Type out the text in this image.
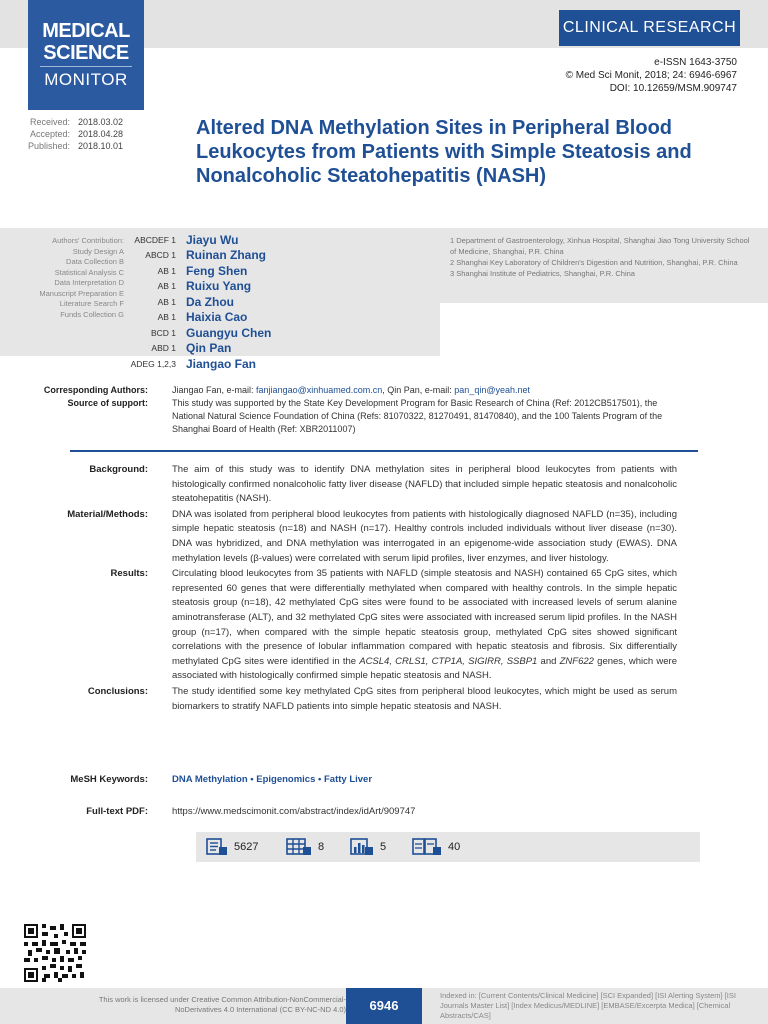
MEDICAL
SCIENCE
MONITOR
CLINICAL RESEARCH
e-ISSN 1643-3750
© Med Sci Monit, 2018; 24: 6946-6967
DOI: 10.12659/MSM.909747
Received: 2018.03.02
Accepted: 2018.04.28
Published: 2018.10.01
Altered DNA Methylation Sites in Peripheral Blood Leukocytes from Patients with Simple Steatosis and Nonalcoholic Steatohepatitis (NASH)
Authors' Contribution:
Study Design A
Data Collection B
Statistical Analysis C
Data Interpretation D
Manuscript Preparation E
Literature Search F
Funds Collection G
ABCDEF 1 Jiayu Wu
ABCD 1 Ruinan Zhang
AB 1 Feng Shen
AB 1 Ruixu Yang
AB 1 Da Zhou
AB 1 Haixia Cao
BCD 1 Guangyu Chen
ABD 1 Qin Pan
ADEG 1,2,3 Jiangao Fan
1 Department of Gastroenterology, Xinhua Hospital, Shanghai Jiao Tong University School of Medicine, Shanghai, P.R. China
2 Shanghai Key Laboratory of Children's Digestion and Nutrition, Shanghai, P.R. China
3 Shanghai Institute of Pediatrics, Shanghai, P.R. China
Corresponding Authors:	Jiangao Fan, e-mail: fanjiangao@xinhuamed.com.cn, Qin Pan, e-mail: pan_qin@yeah.net
Source of support:	This study was supported by the State Key Development Program for Basic Research of China (Ref: 2012CB517501), the National Natural Science Foundation of China (Refs: 81070322, 81270491, 81470840), and the 100 Talents Program of the Shanghai Board of Health (Ref: XBR2011007)
Background:	The aim of this study was to identify DNA methylation sites in peripheral blood leukocytes from patients with histologically confirmed nonalcoholic fatty liver disease (NAFLD) that included simple hepatic steatosis and nonalcoholic steatohepatitis (NASH).
Material/Methods:	DNA was isolated from peripheral blood leukocytes from patients with histologically diagnosed NAFLD (n=35), including simple hepatic steatosis (n=18) and NASH (n=17). Healthy controls included individuals without liver disease (n=30). DNA was hybridized, and DNA methylation was interrogated in an epigenome-wide association study (EWAS). DNA methylation levels (β-values) were correlated with serum lipid profiles, liver enzymes, and liver histology.
Results:	Circulating blood leukocytes from 35 patients with NAFLD (simple steatosis and NASH) contained 65 CpG sites, which represented 60 genes that were differentially methylated when compared with healthy controls. In the simple hepatic steatosis group (n=18), 42 methylated CpG sites were found to be associated with increased levels of serum alanine aminotransferase (ALT), and 32 methylated CpG sites were associated with increased serum lipid profiles. In the NASH group (n=17), when compared with the simple hepatic steatosis group, methylated CpG sites showed significant correlations with the presence of lobular inflammation compared with hepatic steatosis and fibrosis. Six differentially methylated CpG sites were identified in the ACSL4, CRLS1, CTP1A, SIGIRR, SSBP1 and ZNF622 genes, which were associated with histologically confirmed simple hepatic steatosis and NASH.
Conclusions:	The study identified some key methylated CpG sites from peripheral blood leukocytes, which might be used as serum biomarkers to stratify NAFLD patients into simple hepatic steatosis and NASH.
MeSH Keywords:	DNA Methylation • Epigenomics • Fatty Liver
Full-text PDF:	https://www.medscimonit.com/abstract/index/idArt/909747
5627	8	5	40
This work is licensed under Creative Common Attribution-NonCommercial-NoDerivatives 4.0 International (CC BY-NC-ND 4.0)	6946
Indexed in: [Current Contents/Clinical Medicine] [SCI Expanded] [ISI Alerting System] [ISI Journals Master List] [Index Medicus/MEDLINE] [EMBASE/Excerpta Medica] [Chemical Abstracts/CAS]
